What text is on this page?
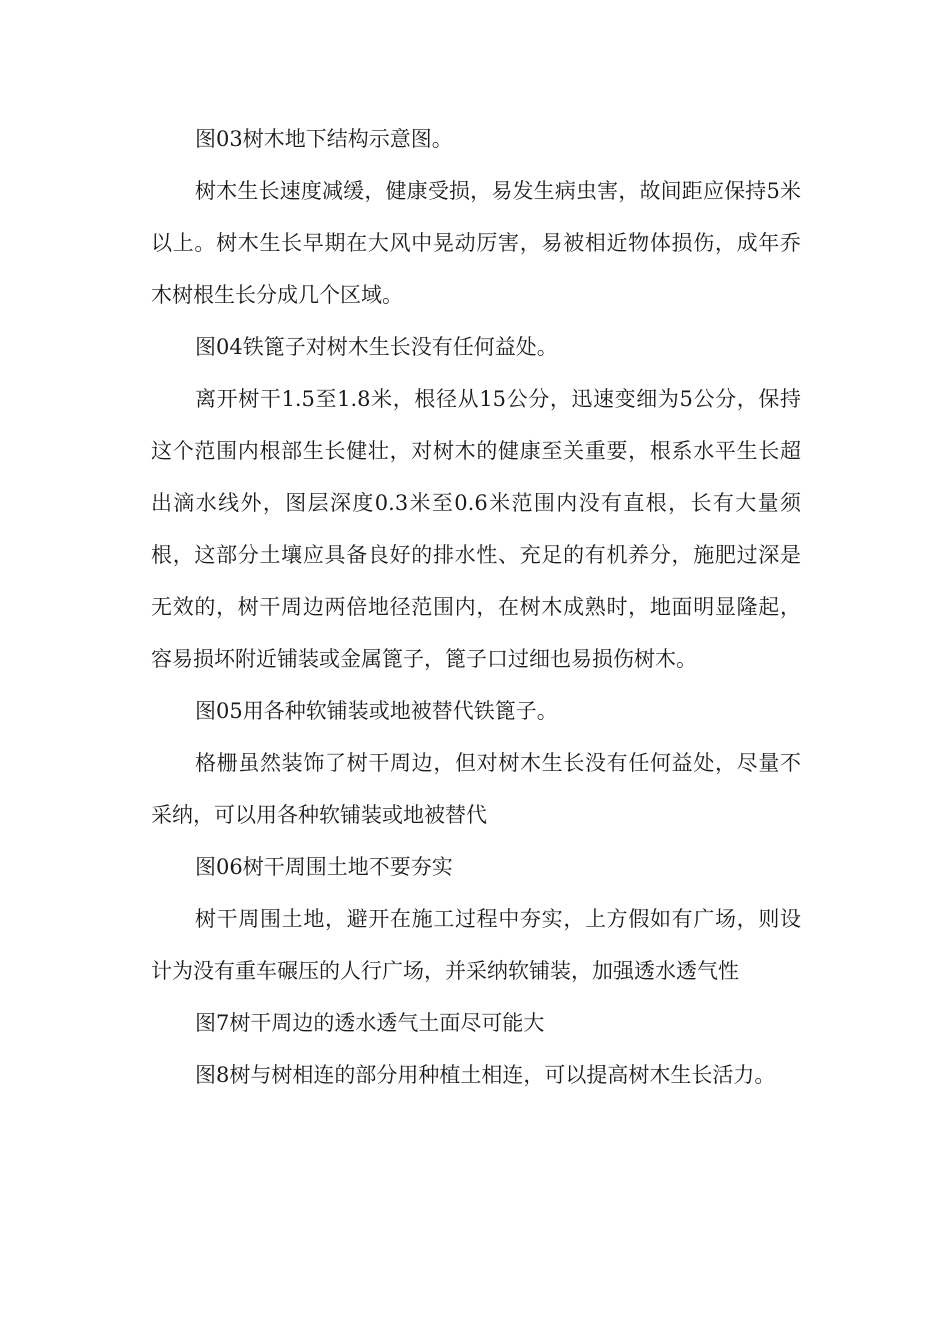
图03树木地下结构示意图。

树木生长速度减缓，健康受损，易发生病虫害，故间距应保持5米以上。树木生长早期在大风中晃动厉害，易被相近物体损伤，成年乔木树根生长分成几个区域。

图04铁篦子对树木生长没有任何益处。

离开树干1.5至1.8米，根径从15公分，迅速变细为5公分，保持这个范围内根部生长健壮，对树木的健康至关重要，根系水平生长超出滴水线外，图层深度0.3米至0.6米范围内没有直根，长有大量须根，这部分土壤应具备良好的排水性、充足的有机养分，施肥过深是无效的，树干周边两倍地径范围内，在树木成熟时，地面明显隆起，容易损坏附近铺装或金属篦子，篦子口过细也易损伤树木。

图05用各种软铺装或地被替代铁篦子。

格栅虽然装饰了树干周边，但对树木生长没有任何益处，尽量不采纳，可以用各种软铺装或地被替代

图06树干周围土地不要夯实

树干周围土地，避开在施工过程中夯实，上方假如有广场，则设计为没有重车碾压的人行广场，并采纳软铺装，加强透水透气性

图7树干周边的透水透气土面尽可能大

图8树与树相连的部分用种植土相连，可以提高树木生长活力。
